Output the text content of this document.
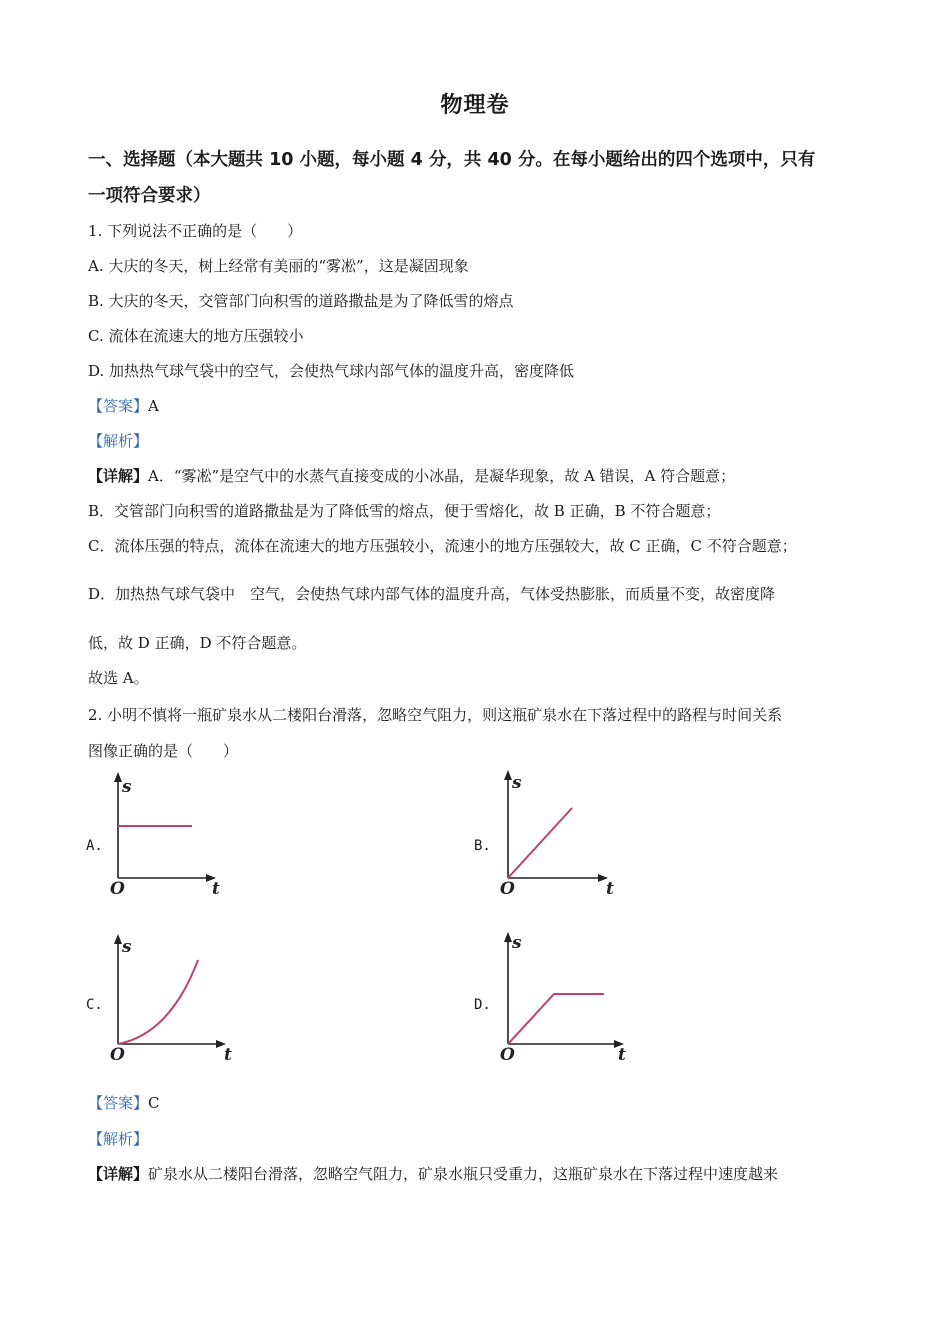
物理卷
一、选择题（本大题共 10 小题，每小题 4 分，共 40 分。在每小题给出的四个选项中，只有
一项符合要求）
1. 下列说法不正确的是（　　）
A. 大庆的冬天，树上经常有美丽的“雾凇”，这是凝固现象
B. 大庆的冬天，交管部门向积雪的道路撒盐是为了降低雪的熔点
C. 流体在流速大的地方压强较小
D. 加热热气球气袋中的空气，会使热气球内部气体的温度升高，密度降低
【答案】A
【解析】
【详解】A．“雾凇”是空气中的水蒸气直接变成的小冰晶，是凝华现象，故 A 错误，A 符合题意；
B．交管部门向积雪的道路撒盐是为了降低雪的熔点，便于雪熔化，故 B 正确，B 不符合题意；
C．流体压强的特点，流体在流速大的地方压强较小，流速小的地方压强较大，故 C 正确，C 不符合题意；
D．加热热气球气袋中　空气，会使热气球内部气体的温度升高，气体受热膨胀，而质量不变，故密度降
低，故 D 正确，D 不符合题意。
故选 A。
2. 小明不慎将一瓶矿泉水从二楼阳台滑落，忽略空气阻力，则这瓶矿泉水在下落过程中的路程与时间关系
图像正确的是（　　）
A.
s
t
O
B.
s
t
O
C.
s
t
O
D.
s
t
O
【答案】C
【解析】
【详解】矿泉水从二楼阳台滑落，忽略空气阻力，矿泉水瓶只受重力，这瓶矿泉水在下落过程中速度越来
